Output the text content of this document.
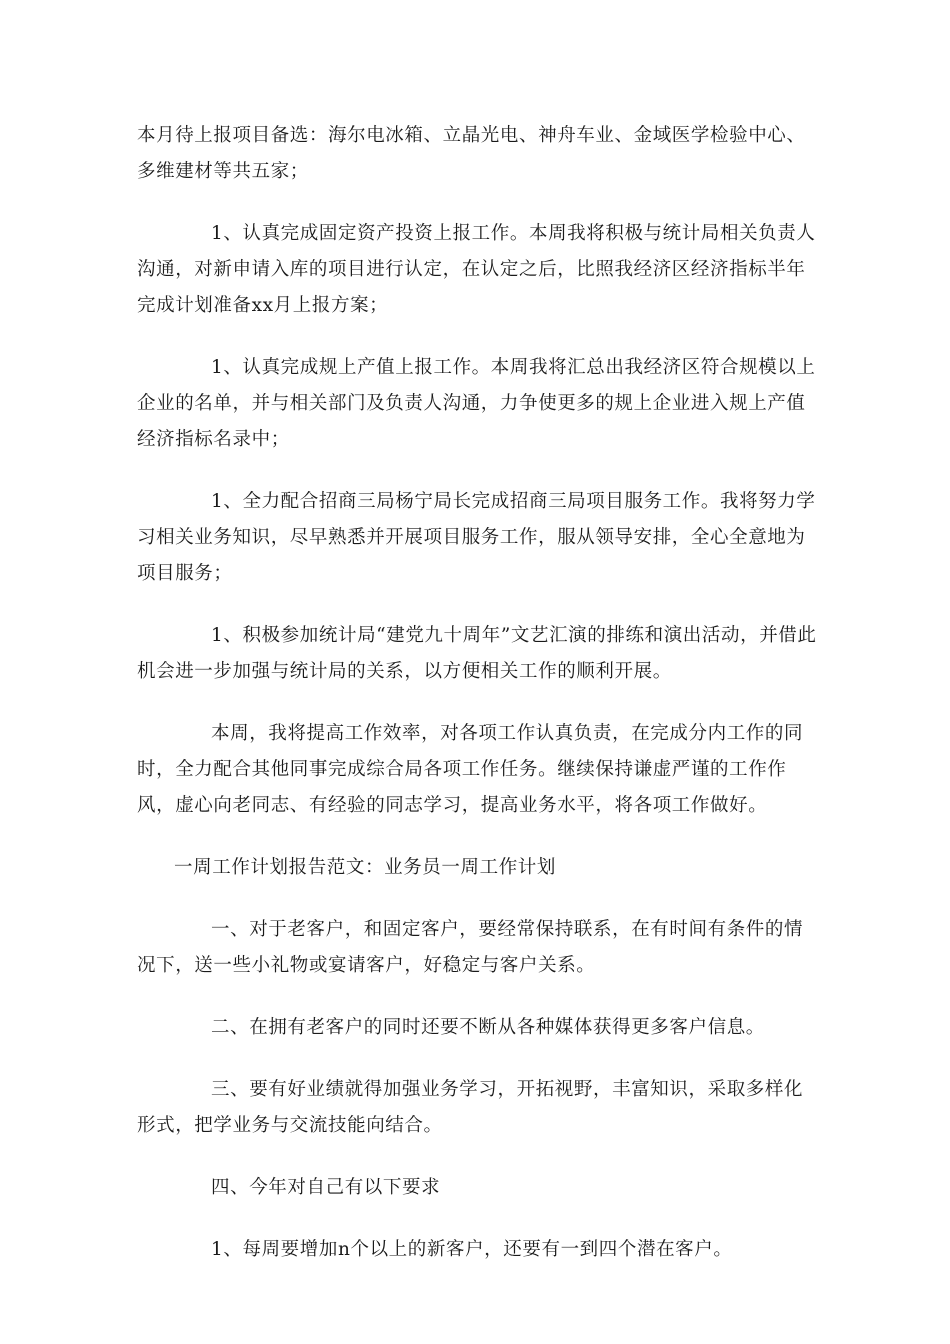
本月待上报项目备选：海尔电冰箱、立晶光电、神舟车业、金域医学检验中心、多维建材等共五家；

1、认真完成固定资产投资上报工作。本周我将积极与统计局相关负责人沟通，对新申请入库的项目进行认定，在认定之后，比照我经济区经济指标半年完成计划准备xx月上报方案；

1、认真完成规上产值上报工作。本周我将汇总出我经济区符合规模以上企业的名单，并与相关部门及负责人沟通，力争使更多的规上企业进入规上产值经济指标名录中；

1、全力配合招商三局杨宁局长完成招商三局项目服务工作。我将努力学习相关业务知识，尽早熟悉并开展项目服务工作，服从领导安排，全心全意地为项目服务；

1、积极参加统计局“建党九十周年”文艺汇演的排练和演出活动，并借此机会进一步加强与统计局的关系，以方便相关工作的顺利开展。

本周，我将提高工作效率，对各项工作认真负责，在完成分内工作的同时，全力配合其他同事完成综合局各项工作任务。继续保持谦虚严谨的工作作风，虚心向老同志、有经验的同志学习，提高业务水平，将各项工作做好。

一周工作计划报告范文：业务员一周工作计划

一、对于老客户，和固定客户，要经常保持联系，在有时间有条件的情况下，送一些小礼物或宴请客户，好稳定与客户关系。

二、在拥有老客户的同时还要不断从各种媒体获得更多客户信息。

三、要有好业绩就得加强业务学习，开拓视野，丰富知识，采取多样化形式，把学业务与交流技能向结合。

四、今年对自己有以下要求

1、每周要增加n个以上的新客户，还要有一到四个潜在客户。
